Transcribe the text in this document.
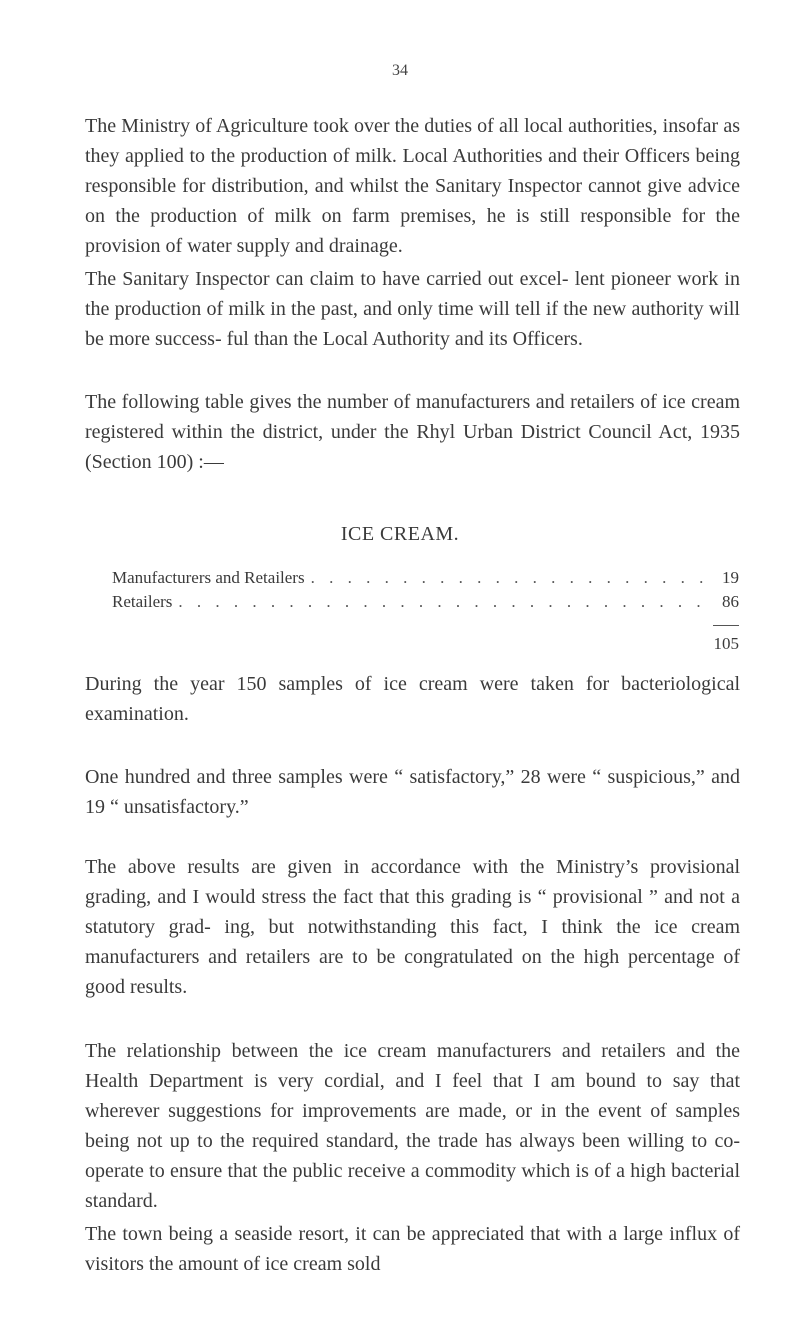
34

The Ministry of Agriculture took over the duties of all local authorities, insofar as they applied to the production of milk. Local Authorities and their Officers being responsible for distribution, and whilst the Sanitary Inspector cannot give advice on the production of milk on farm premises, he is still responsible for the provision of water supply and drainage.

The Sanitary Inspector can claim to have carried out excel- lent pioneer work in the production of milk in the past, and only time will tell if the new authority will be more success- ful than the Local Authority and its Officers.

The following table gives the number of manufacturers and retailers of ice cream registered within the district, under the Rhyl Urban District Council Act, 1935 (Section 100) :—

ICE CREAM.
Manufacturers and Retailers . . .	19
Retailers . . .	86
105

During the year 150 samples of ice cream were taken for bacteriological examination.

One hundred and three samples were “ satisfactory,” 28 were “ suspicious,” and 19 “ unsatisfactory.”

The above results are given in accordance with the Ministry’s provisional grading, and I would stress the fact that this grading is “ provisional ” and not a statutory grad- ing, but notwithstanding this fact, I think the ice cream manufacturers and retailers are to be congratulated on the high percentage of good results.

The relationship between the ice cream manufacturers and retailers and the Health Department is very cordial, and I feel that I am bound to say that wherever suggestions for improvements are made, or in the event of samples being not up to the required standard, the trade has always been willing to co-operate to ensure that the public receive a commodity which is of a high bacterial standard.

The town being a seaside resort, it can be appreciated that with a large influx of visitors the amount of ice cream sold
